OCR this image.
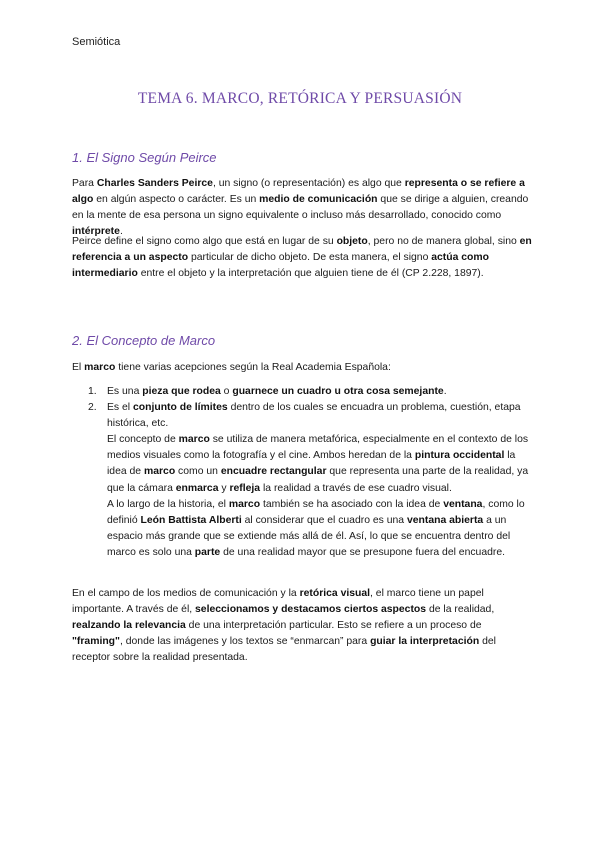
Semiótica
TEMA 6. MARCO, RETÓRICA Y PERSUASIÓN
1. El Signo Según Peirce

Para Charles Sanders Peirce, un signo (o representación) es algo que representa o se refiere a algo en algún aspecto o carácter. Es un medio de comunicación que se dirige a alguien, creando en la mente de esa persona un signo equivalente o incluso más desarrollado, conocido como intérprete.

Peirce define el signo como algo que está en lugar de su objeto, pero no de manera global, sino en referencia a un aspecto particular de dicho objeto. De esta manera, el signo actúa como intermediario entre el objeto y la interpretación que alguien tiene de él (CP 2.228, 1897).

2. El Concepto de Marco

El marco tiene varias acepciones según la Real Academia Española:

1. Es una pieza que rodea o guarnece un cuadro u otra cosa semejante.

2. Es el conjunto de límites dentro de los cuales se encuadra un problema, cuestión, etapa histórica, etc.

El concepto de marco se utiliza de manera metafórica, especialmente en el contexto de los medios visuales como la fotografía y el cine. Ambos heredan de la pintura occidental la idea de marco como un encuadre rectangular que representa una parte de la realidad, ya que la cámara enmarca y refleja la realidad a través de ese cuadro visual.

A lo largo de la historia, el marco también se ha asociado con la idea de ventana, como lo definió León Battista Alberti al considerar que el cuadro es una ventana abierta a un espacio más grande que se extiende más allá de él. Así, lo que se encuentra dentro del marco es solo una parte de una realidad mayor que se presupone fuera del encuadre.

En el campo de los medios de comunicación y la retórica visual, el marco tiene un papel importante. A través de él, seleccionamos y destacamos ciertos aspectos de la realidad, realzando la relevancia de una interpretación particular. Esto se refiere a un proceso de "framing", donde las imágenes y los textos se “enmarcan” para guiar la interpretación del receptor sobre la realidad presentada.
